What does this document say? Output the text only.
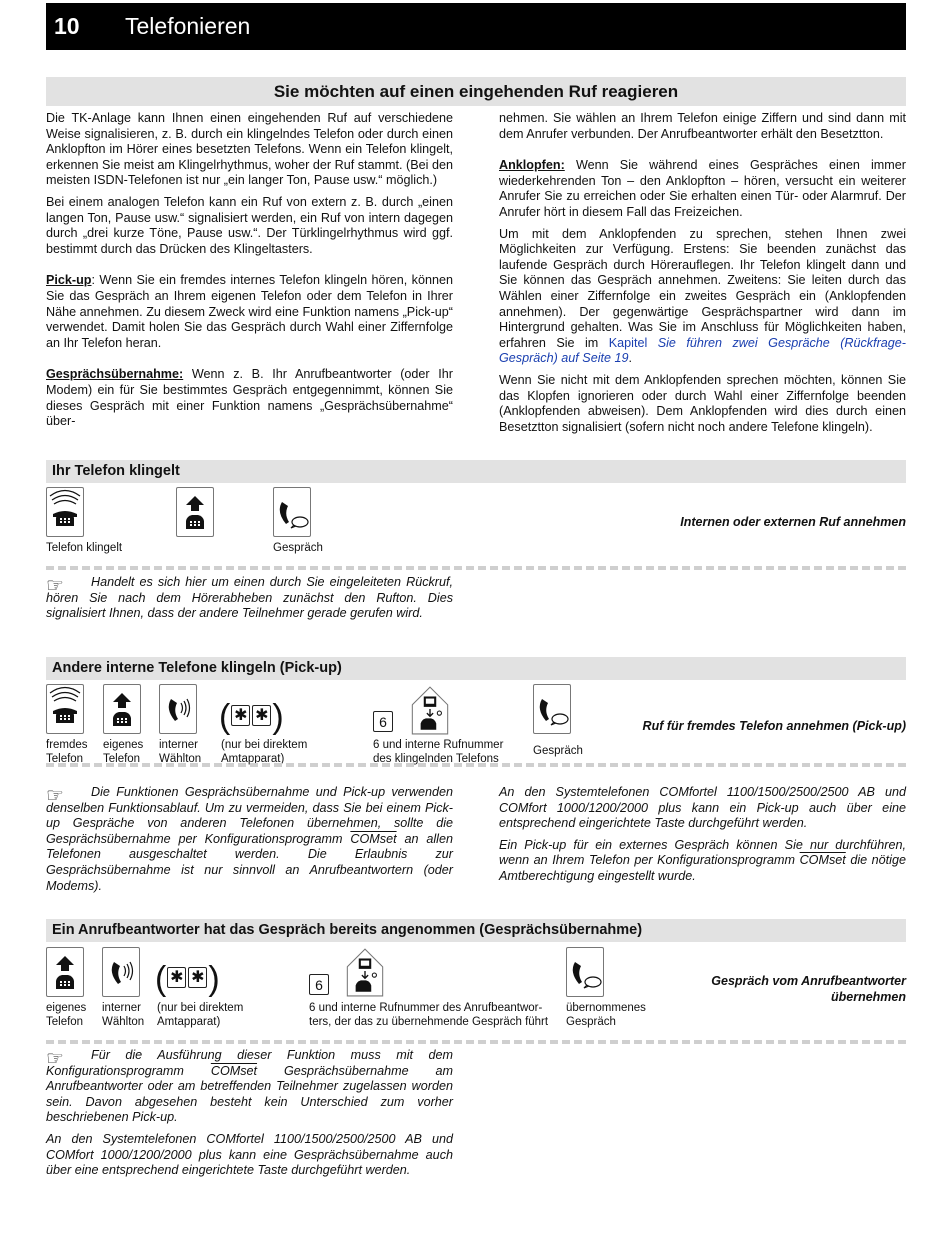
10 Telefonieren
Sie möchten auf einen eingehenden Ruf reagieren

Die TK-Anlage kann Ihnen einen eingehenden Ruf auf verschiedene Weise signalisieren, z. B. durch ein klingelndes Telefon oder durch einen Anklopfton im Hörer eines besetzten Telefons. Wenn ein Telefon klingelt, erkennen Sie meist am Klingelrhythmus, woher der Ruf stammt. (Bei den meisten ISDN-Telefonen ist nur „ein langer Ton, Pause usw.“ möglich.)

Bei einem analogen Telefon kann ein Ruf von extern z. B. durch „einen langen Ton, Pause usw.“ signalisiert werden, ein Ruf von intern dagegen durch „drei kurze Töne, Pause usw.“. Der Türklingelrhythmus wird ggf. bestimmt durch das Drücken des Klingeltasters.

Pick-up: Wenn Sie ein fremdes internes Telefon klingeln hören, können Sie das Gespräch an Ihrem eigenen Telefon oder dem Telefon in Ihrer Nähe annehmen. Zu diesem Zweck wird eine Funktion namens „Pick-up“ verwendet. Damit holen Sie das Gespräch durch Wahl einer Ziffernfolge an Ihr Telefon heran.

Gesprächsübernahme: Wenn z. B. Ihr Anrufbeantworter (oder Ihr Modem) ein für Sie bestimmtes Gespräch entgegennimmt, können Sie dieses Gespräch mit einer Funktion namens „Gesprächsübernahme“ über-

nehmen. Sie wählen an Ihrem Telefon einige Ziffern und sind dann mit dem Anrufer verbunden. Der Anrufbeantworter erhält den Besetztton.

Anklopfen: Wenn Sie während eines Gespräches einen immer wiederkehrenden Ton – den Anklopfton – hören, versucht ein weiterer Anrufer Sie zu erreichen oder Sie erhalten einen Tür- oder Alarmruf. Der Anrufer hört in diesem Fall das Freizeichen.

Um mit dem Anklopfenden zu sprechen, stehen Ihnen zwei Möglichkeiten zur Verfügung. Erstens: Sie beenden zunächst das laufende Gespräch durch Hörerauflegen. Ihr Telefon klingelt dann und Sie können das Gespräch annehmen. Zweitens: Sie leiten durch das Wählen einer Ziffernfolge ein zweites Gespräch ein (Anklopfenden annehmen). Der gegenwärtige Gesprächspartner wird dann im Hintergrund gehalten. Was Sie im Anschluss für Möglichkeiten haben, erfahren Sie im Kapitel Sie führen zwei Gespräche (Rückfrage-Gespräch) auf Seite 19.

Wenn Sie nicht mit dem Anklopfenden sprechen möchten, können Sie das Klopfen ignorieren oder durch Wahl einer Ziffernfolge beenden (Anklopfenden abweisen). Dem Anklopfenden wird dies durch einen Besetztton signalisiert (sofern nicht noch andere Telefone klingeln).

Ihr Telefon klingelt
Telefon klingelt	Gespräch
Internen oder externen Ruf annehmen
☞	Handelt es sich hier um einen durch Sie eingeleiteten Rückruf, hören Sie nach dem Hörerabheben zunächst den Rufton. Dies signalisiert Ihnen, dass der andere Teilnehmer gerade gerufen wird.
Andere interne Telefone klingeln (Pick-up)
( ✱ ✱ )	6
fremdes
Telefon
eigenes
Telefon
interner
Wählton
(nur bei direktem
Amtapparat)
6 und interne Rufnummer
des klingelnden Telefons
Gespräch
Ruf für fremdes Telefon annehmen (Pick-up)
☞	Die Funktionen Gesprächsübernahme und Pick-up verwenden denselben Funktionsablauf. Um zu vermeiden, dass Sie bei einem Pick-up Gespräche von anderen Telefonen übernehmen, sollte die Gesprächsübernahme per Konfigurationsprogramm COMset an allen Telefonen ausgeschaltet werden. Die Erlaubnis zur Gesprächsübernahme ist nur sinnvoll an Anrufbeantwortern (oder Modems).

An den Systemtelefonen COMfortel 1100/1500/2500/2500 AB und COMfort 1000/1200/2000 plus kann ein Pick-up auch über eine entsprechend eingerichtete Taste durchgeführt werden.

Ein Pick-up für ein externes Gespräch können Sie nur durchführen, wenn an Ihrem Telefon per Konfigurationsprogramm COMset die nötige Amtberechtigung eingestellt wurde.

Ein Anrufbeantworter hat das Gespräch bereits angenommen (Gesprächsübernahme)
( ✱ ✱ )	6
eigenes
Telefon
interner
Wählton
(nur bei direktem
Amtapparat)
6 und interne Rufnummer des Anrufbeantwor-
ters, der das zu übernehmende Gespräch führt
übernommenes
Gespräch
Gespräch vom Anrufbeantworter
übernehmen
☞	Für die Ausführung dieser Funktion muss mit dem Konfigurationsprogramm COMset Gesprächsübernahme am Anrufbeantworter oder am betreffenden Teilnehmer zugelassen worden sein. Davon abgesehen besteht kein Unterschied zum vorher beschriebenen Pick-up.

An den Systemtelefonen COMfortel 1100/1500/2500/2500 AB und COMfort 1000/1200/2000 plus kann eine Gesprächsübernahme auch über eine entsprechend eingerichtete Taste durchgeführt werden.
